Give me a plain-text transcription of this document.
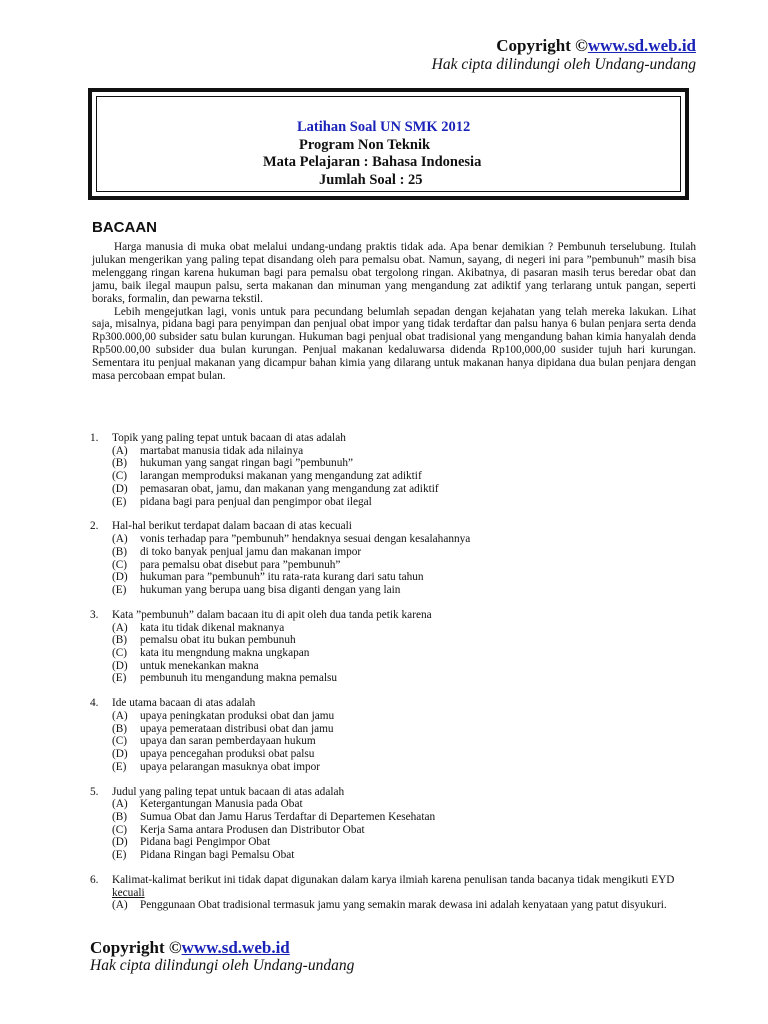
Copyright ©www.sd.web.id
Hak cipta dilindungi oleh Undang-undang
Latihan Soal UN SMK 2012
Program Non Teknik
Mata Pelajaran : Bahasa Indonesia
Jumlah Soal : 25
BACAAN

Harga manusia di muka obat melalui undang-undang praktis tidak ada. Apa benar demikian ? Pembunuh terselubung. Itulah julukan mengerikan yang paling tepat disandang oleh para pemalsu obat. Namun, sayang, di negeri ini para ”pembunuh” masih bisa melenggang ringan karena hukuman bagi para pemalsu obat tergolong ringan. Akibatnya, di pasaran masih terus beredar obat dan jamu, baik ilegal maupun palsu, serta makanan dan minuman yang mengandung zat adiktif yang terlarang untuk pangan, seperti boraks, formalin, dan pewarna tekstil.

Lebih mengejutkan lagi, vonis untuk para pecundang belumlah sepadan dengan kejahatan yang telah mereka lakukan. Lihat saja, misalnya, pidana bagi para penyimpan dan penjual obat impor yang tidak terdaftar dan palsu hanya 6 bulan penjara serta denda Rp300.000,00 subsider satu bulan kurungan. Hukuman bagi penjual obat tradisional yang mengandung bahan kimia hanyalah denda Rp500.00,00 subsider dua bulan kurungan. Penjual makanan kedaluwarsa didenda Rp100,000,00 susider tujuh hari kurungan. Sementara itu penjual makanan yang dicampur bahan kimia yang dilarang untuk makanan hanya dipidana dua bulan penjara dengan masa percobaan empat bulan.

1. Topik yang paling tepat untuk bacaan di atas adalah
(A) martabat manusia tidak ada nilainya
(B) hukuman yang sangat ringan bagi ”pembunuh”
(C) larangan memproduksi makanan yang mengandung zat adiktif
(D) pemasaran obat, jamu, dan makanan yang mengandung zat adiktif
(E) pidana bagi para penjual dan pengimpor obat ilegal
2. Hal-hal berikut terdapat dalam bacaan di atas kecuali
(A) vonis terhadap para ”pembunuh” hendaknya sesuai dengan kesalahannya
(B) di toko banyak penjual jamu dan makanan impor
(C) para pemalsu obat disebut para ”pembunuh”
(D) hukuman para ”pembunuh” itu rata-rata kurang dari satu tahun
(E) hukuman yang berupa uang bisa diganti dengan yang lain
3. Kata ”pembunuh” dalam bacaan itu di apit oleh dua tanda petik karena
(A) kata itu tidak dikenal maknanya
(B) pemalsu obat itu bukan pembunuh
(C) kata itu mengndung makna ungkapan
(D) untuk menekankan makna
(E) pembunuh itu mengandung makna pemalsu
4. Ide utama bacaan di atas adalah
(A) upaya peningkatan produksi obat dan jamu
(B) upaya pemerataan distribusi obat dan jamu
(C) upaya dan saran pemberdayaan hukum
(D) upaya pencegahan produksi obat palsu
(E) upaya pelarangan masuknya obat impor
5. Judul yang paling tepat untuk bacaan di atas adalah
(A) Ketergantungan Manusia pada Obat
(B) Sumua Obat dan Jamu Harus Terdaftar di Departemen Kesehatan
(C) Kerja Sama antara Produsen dan Distributor Obat
(D) Pidana bagi Pengimpor Obat
(E) Pidana Ringan bagi Pemalsu Obat
6. Kalimat-kalimat berikut ini tidak dapat digunakan dalam karya ilmiah karena penulisan tanda bacanya tidak mengikuti EYD kecuali
(A) Penggunaan Obat tradisional termasuk jamu yang semakin marak dewasa ini adalah kenyataan yang patut disyukuri.
Copyright ©www.sd.web.id
Hak cipta dilindungi oleh Undang-undang
